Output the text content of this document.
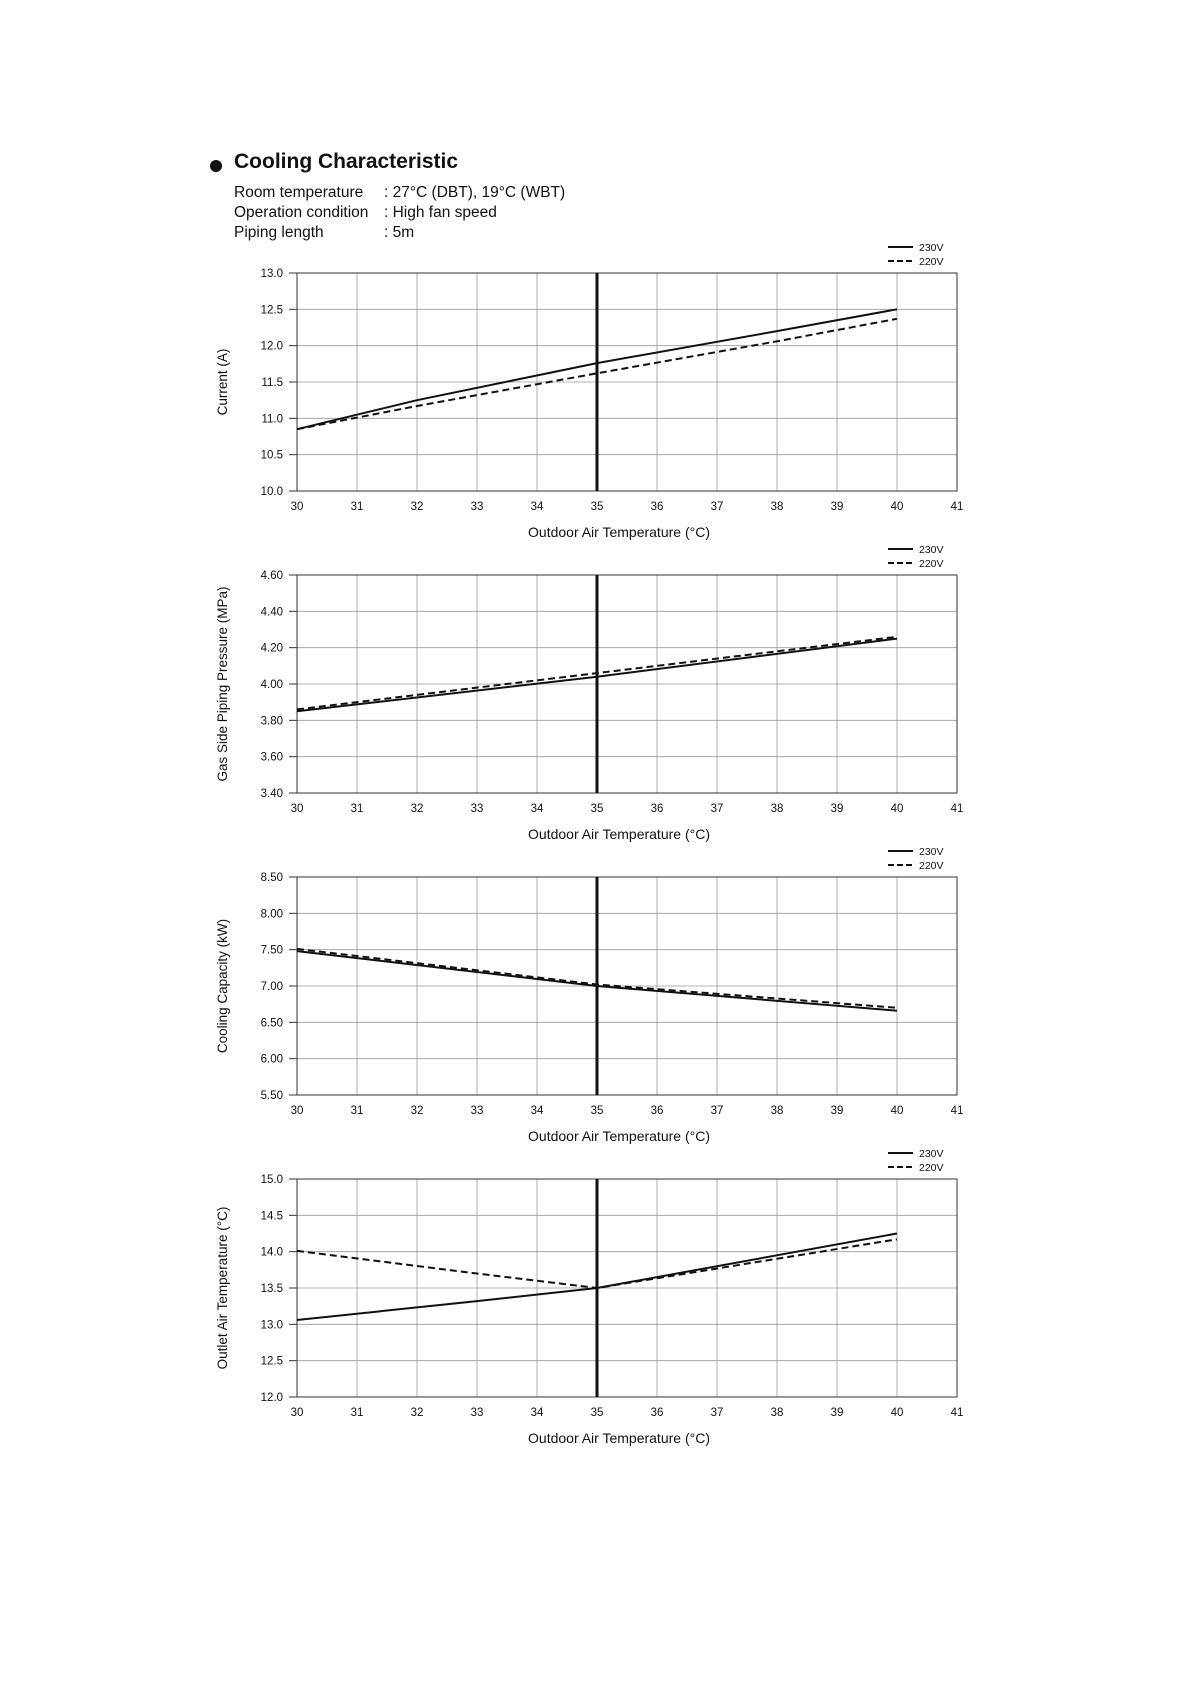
Cooling Characteristic
Room temperature : 27°C (DBT), 19°C (WBT)
Operation condition : High fan speed
Piping length	: 5m
30	31	32	33	34	35	36	37	38	39	40	41
13.0
12.5
12.0
11.5
11.0
10.5
10.0
Outdoor Air Temperature (°C)
Current (A)
230V
220V
30	31	32	33	34	35	36	37	38	39	40	41
4.60
4.40
4.20
4.00
3.80
3.60
3.40
Outdoor Air Temperature (°C)
Gas Side Piping Pressure (MPa)
230V
220V
30	31	32	33	34	35	36	37	38	39	40	41
8.50
8.00
7.50
7.00
6.50
6.00
5.50
Outdoor Air Temperature (°C)
Cooling Capacity (kW)
230V
220V
30	31	32	33	34	35	36	37	38	39	40	41
15.0
14.5
14.0
13.5
13.0
12.5
12.0
Outdoor Air Temperature (°C)
Outlet Air Temperature (°C)
230V
220V
